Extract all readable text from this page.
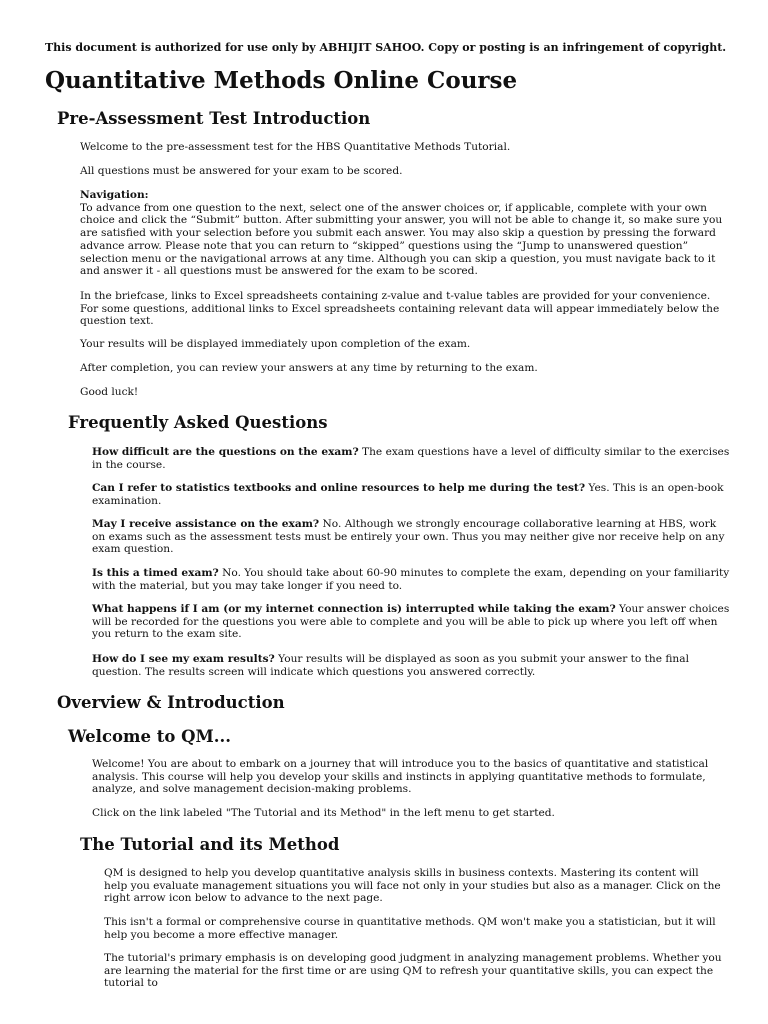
This document is authorized for use only by ABHIJIT SAHOO. Copy or posting is an infringement of copyright.
Quantitative Methods Online Course
Pre-Assessment Test Introduction

Welcome to the pre-assessment test for the HBS Quantitative Methods Tutorial.

All questions must be answered for your exam to be scored.

Navigation:
To advance from one question to the next, select one of the answer choices or, if applicable, complete with your own choice and click the “Submit” button. After submitting your answer, you will not be able to change it, so make sure you are satisfied with your selection before you submit each answer. You may also skip a question by pressing the forward advance arrow. Please note that you can return to “skipped” questions using the “Jump to unanswered question” selection menu or the navigational arrows at any time. Although you can skip a question, you must navigate back to it and answer it - all questions must be answered for the exam to be scored.

In the briefcase, links to Excel spreadsheets containing z-value and t-value tables are provided for your convenience. For some questions, additional links to Excel spreadsheets containing relevant data will appear immediately below the question text.

Your results will be displayed immediately upon completion of the exam.

After completion, you can review your answers at any time by returning to the exam.

Good luck!

Frequently Asked Questions

How difficult are the questions on the exam? The exam questions have a level of difficulty similar to the exercises in the course.

Can I refer to statistics textbooks and online resources to help me during the test? Yes. This is an open-book examination.

May I receive assistance on the exam? No. Although we strongly encourage collaborative learning at HBS, work on exams such as the assessment tests must be entirely your own. Thus you may neither give nor receive help on any exam question.

Is this a timed exam? No. You should take about 60-90 minutes to complete the exam, depending on your familiarity with the material, but you may take longer if you need to.

What happens if I am (or my internet connection is) interrupted while taking the exam? Your answer choices will be recorded for the questions you were able to complete and you will be able to pick up where you left off when you return to the exam site.

How do I see my exam results? Your results will be displayed as soon as you submit your answer to the final question. The results screen will indicate which questions you answered correctly.

Overview & Introduction
Welcome to QM...

Welcome! You are about to embark on a journey that will introduce you to the basics of quantitative and statistical analysis. This course will help you develop your skills and instincts in applying quantitative methods to formulate, analyze, and solve management decision-making problems.

Click on the link labeled "The Tutorial and its Method" in the left menu to get started.

The Tutorial and its Method

QM is designed to help you develop quantitative analysis skills in business contexts. Mastering its content will help you evaluate management situations you will face not only in your studies but also as a manager. Click on the right arrow icon below to advance to the next page.

This isn't a formal or comprehensive course in quantitative methods. QM won't make you a statistician, but it will help you become a more effective manager.

The tutorial's primary emphasis is on developing good judgment in analyzing management problems. Whether you are learning the material for the first time or are using QM to refresh your quantitative skills, you can expect the tutorial to
